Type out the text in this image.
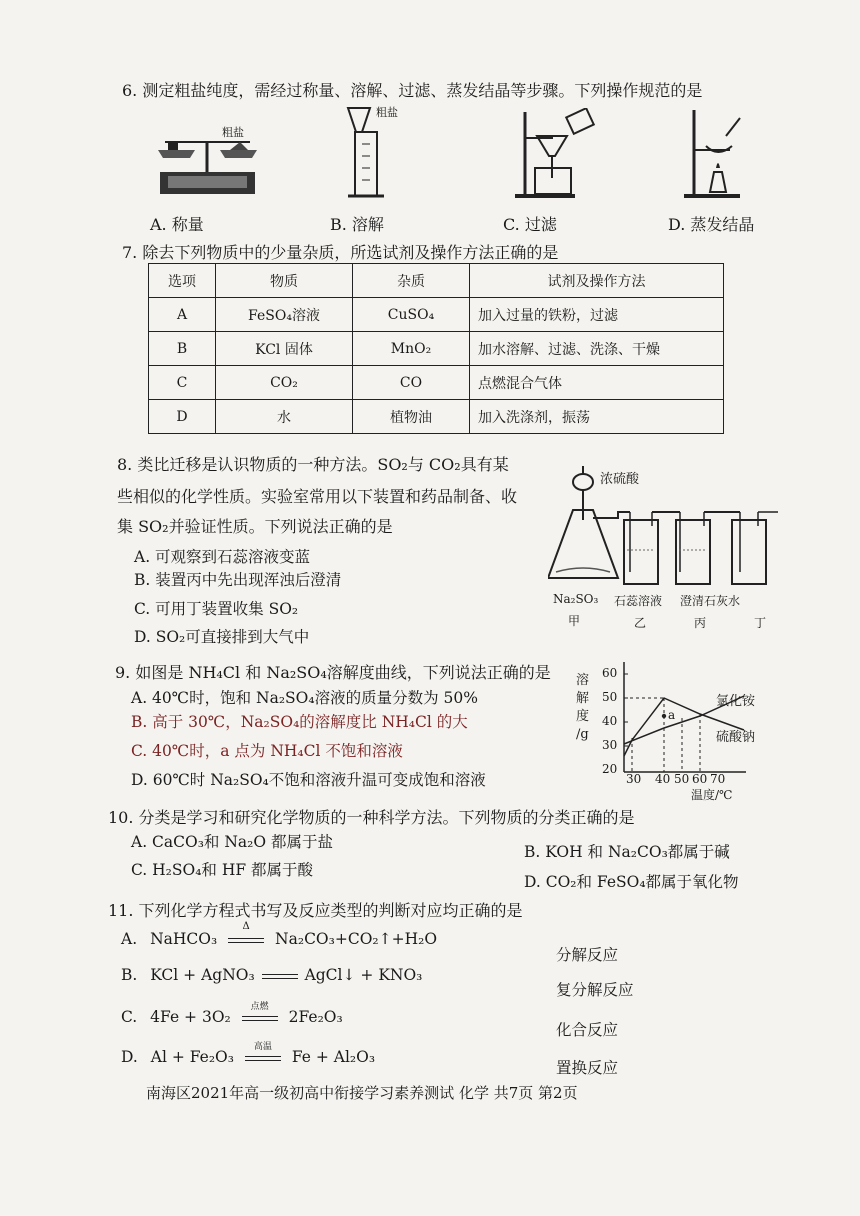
6. 测定粗盐纯度，需经过称量、溶解、过滤、蒸发结晶等步骤。下列操作规范的是
粗盐
粗盐
A. 称量	B. 溶解	C. 过滤	D. 蒸发结晶
7. 除去下列物质中的少量杂质，所选试剂及操作方法正确的是
选项	物质	杂质	试剂及操作方法
A	FeSO₄溶液	CuSO₄	加入过量的铁粉，过滤
B	KCl 固体	MnO₂	加水溶解、过滤、洗涤、干燥
C	CO₂	CO	点燃混合气体
D	水	植物油	加入洗涤剂，振荡
8. 类比迁移是认识物质的一种方法。SO₂与 CO₂具有某
些相似的化学性质。实验室常用以下装置和药品制备、收
集 SO₂并验证性质。下列说法正确的是
A. 可观察到石蕊溶液变蓝
B. 装置丙中先出现浑浊后澄清
C. 可用丁装置收集 SO₂
D. SO₂可直接排到大气中
浓硫酸
Na₂SO₃ 石蕊溶液 澄清石灰水
甲	乙	丙	丁
9. 如图是 NH₄Cl 和 Na₂SO₄溶解度曲线，下列说法正确的是
A. 40℃时，饱和 Na₂SO₄溶液的质量分数为 50%
B. 高于 30℃，Na₂SO₄的溶解度比 NH₄Cl 的大
C. 40℃时，a 点为 NH₄Cl 不饱和溶液
D. 60℃时 Na₂SO₄不饱和溶液升温可变成饱和溶液
溶
解
度
/g
60
50
40
30
20
a
氯化铵
硫酸钠
30 40 50 60 70
温度/℃
10. 分类是学习和研究化学物质的一种科学方法。下列物质的分类正确的是
A. CaCO₃和 Na₂O 都属于盐
B. KOH 和 Na₂CO₃都属于碱
C. H₂SO₄和 HF 都属于酸
D. CO₂和 FeSO₄都属于氧化物
11. 下列化学方程式书写及反应类型的判断对应均正确的是
A. NaHCO₃
Δ
Na₂CO₃+CO₂↑+H₂O
分解反应
B. KCl + AgNO₃	AgCl↓ + KNO₃
复分解反应
C. 4Fe + 3O₂
点燃
2Fe₂O₃
化合反应
D. Al + Fe₂O₃
高温
Fe + Al₂O₃
置换反应
南海区2021年高一级初高中衔接学习素养测试 化学 共7页 第2页
